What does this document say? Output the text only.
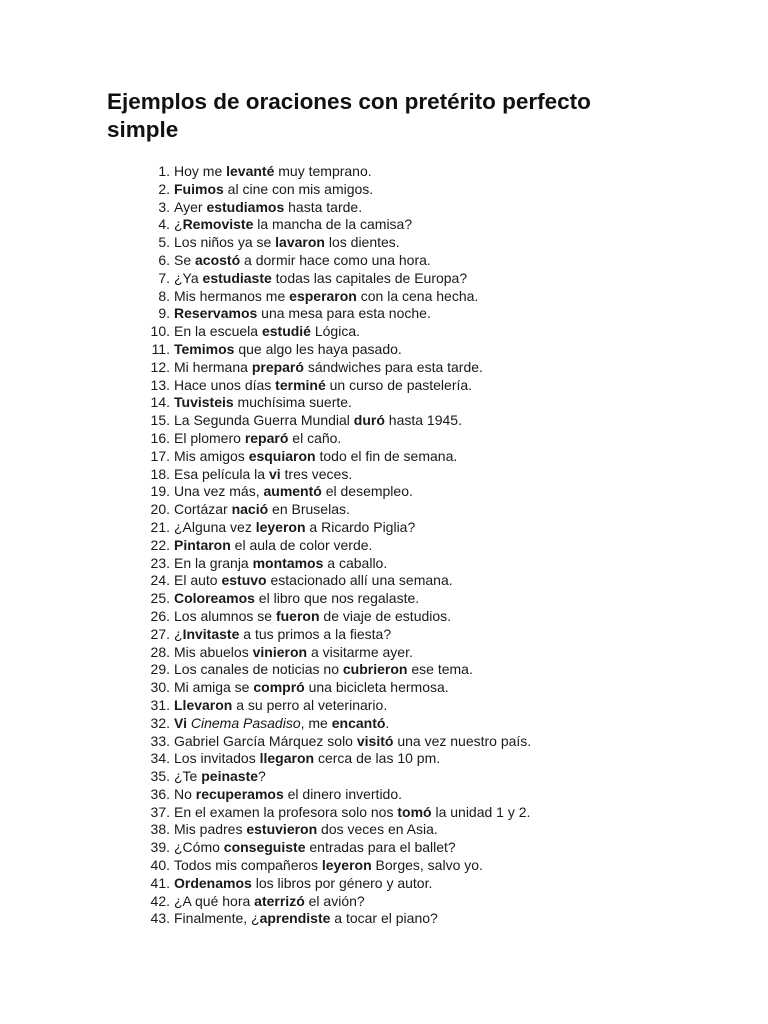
Ejemplos de oraciones con pretérito perfecto simple
1. Hoy me levanté muy temprano.
2. Fuimos al cine con mis amigos.
3. Ayer estudiamos hasta tarde.
4. ¿Removiste la mancha de la camisa?
5. Los niños ya se lavaron los dientes.
6. Se acostó a dormir hace como una hora.
7. ¿Ya estudiaste todas las capitales de Europa?
8. Mis hermanos me esperaron con la cena hecha.
9. Reservamos una mesa para esta noche.
10. En la escuela estudié Lógica.
11. Temimos que algo les haya pasado.
12. Mi hermana preparó sándwiches para esta tarde.
13. Hace unos días terminé un curso de pastelería.
14. Tuvisteis muchísima suerte.
15. La Segunda Guerra Mundial duró hasta 1945.
16. El plomero reparó el caño.
17. Mis amigos esquiaron todo el fin de semana.
18. Esa película la vi tres veces.
19. Una vez más, aumentó el desempleo.
20. Cortázar nació en Bruselas.
21. ¿Alguna vez leyeron a Ricardo Piglia?
22. Pintaron el aula de color verde.
23. En la granja montamos a caballo.
24. El auto estuvo estacionado allí una semana.
25. Coloreamos el libro que nos regalaste.
26. Los alumnos se fueron de viaje de estudios.
27. ¿Invitaste a tus primos a la fiesta?
28. Mis abuelos vinieron a visitarme ayer.
29. Los canales de noticias no cubrieron ese tema.
30. Mi amiga se compró una bicicleta hermosa.
31. Llevaron a su perro al veterinario.
32. Vi Cinema Pasadiso, me encantó.
33. Gabriel García Márquez solo visitó una vez nuestro país.
34. Los invitados llegaron cerca de las 10 pm.
35. ¿Te peinaste?
36. No recuperamos el dinero invertido.
37. En el examen la profesora solo nos tomó la unidad 1 y 2.
38. Mis padres estuvieron dos veces en Asia.
39. ¿Cómo conseguiste entradas para el ballet?
40. Todos mis compañeros leyeron Borges, salvo yo.
41. Ordenamos los libros por género y autor.
42. ¿A qué hora aterrizó el avión?
43. Finalmente, ¿aprendiste a tocar el piano?
